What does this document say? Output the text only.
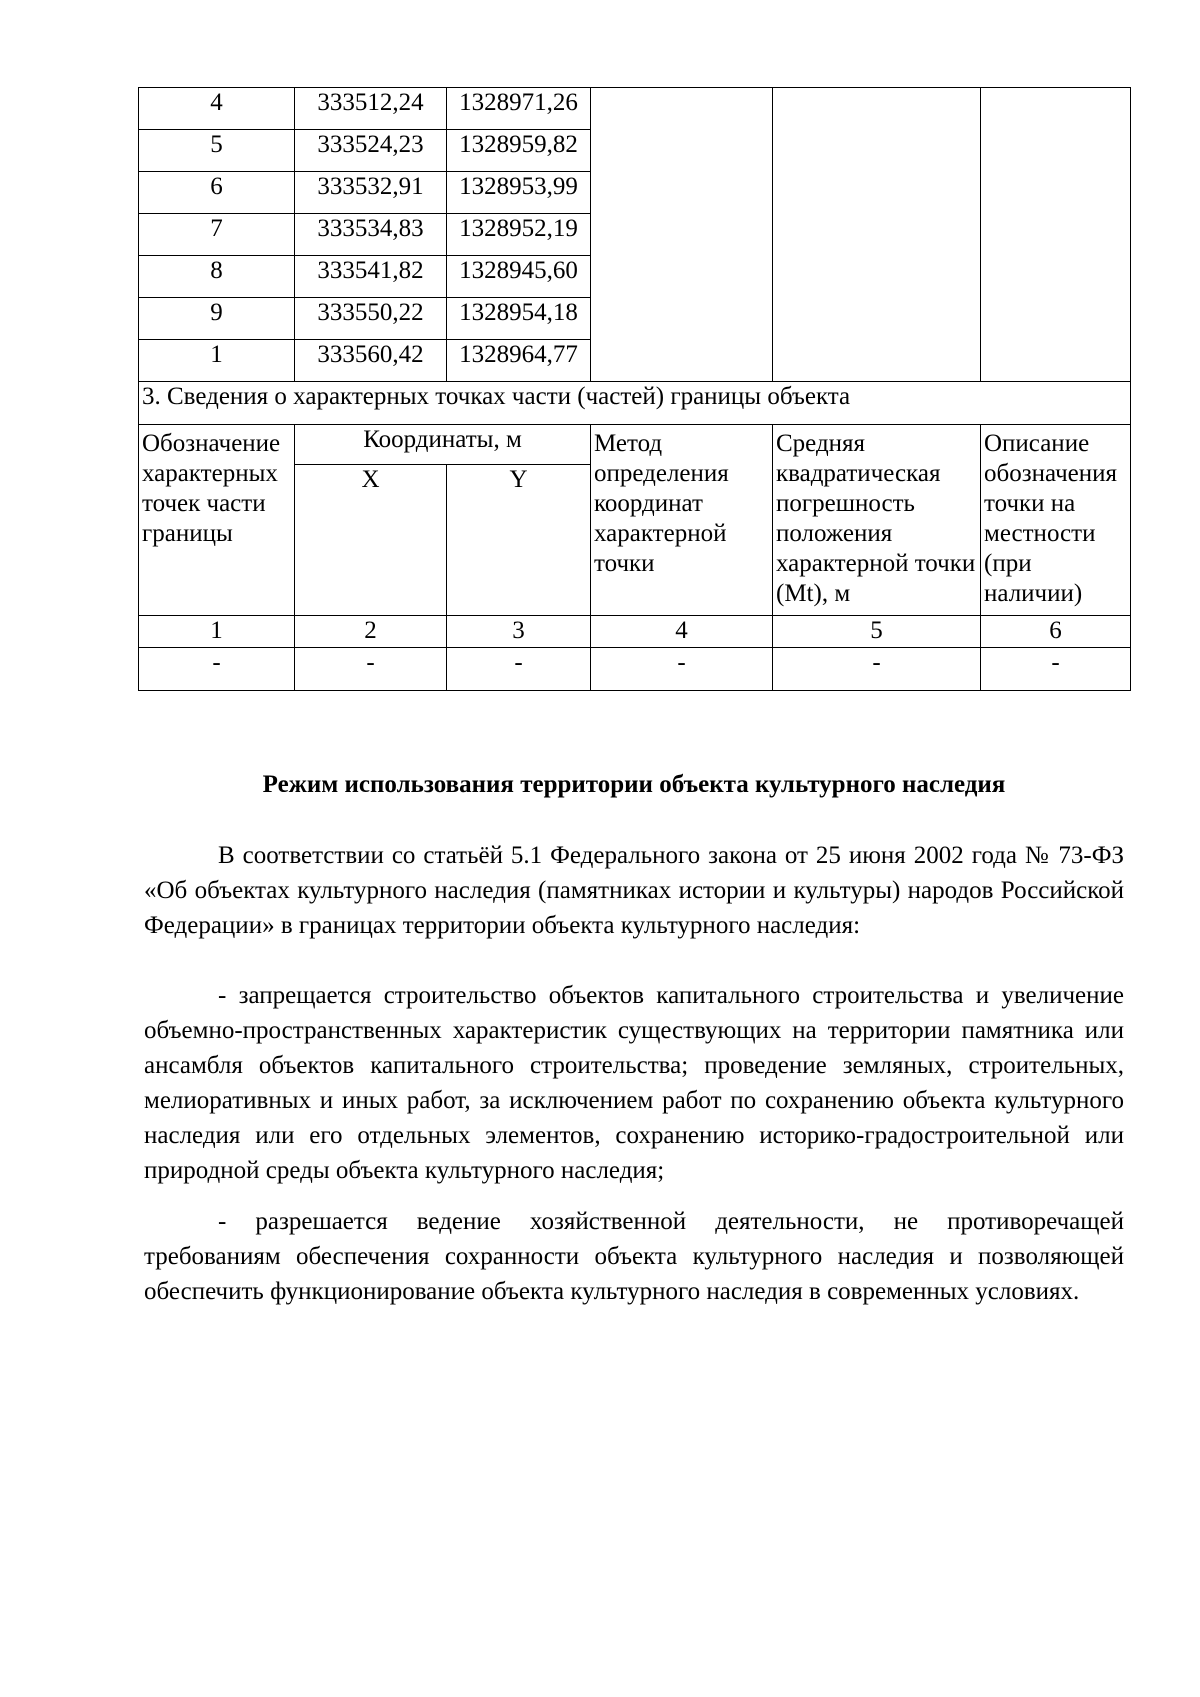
4	333512,24	1328971,26			
5	333524,23	1328959,82			
6	333532,91	1328953,99			
7	333534,83	1328952,19			
8	333541,82	1328945,60			
9	333550,22	1328954,18			
1	333560,42	1328964,77			
3. Сведения о характерных точках части (частей) границы объекта					
Обозначение характерных точек части границы	Координаты, м		Метод определения координат характерной точки	Средняя квадратическая погрешность положения характерной точки (Mt), м	Описание обозначения точки на местности (при наличии)
	X	Y			
1	2	3	4	5	6
-	-	-	-	-	-
Режим использования территории объекта культурного наследия
В соответствии со статьёй 5.1 Федерального закона от 25 июня 2002 года № 73-ФЗ «Об объектах культурного наследия (памятниках истории и культуры) народов Российской Федерации» в границах территории объекта культурного наследия:
- запрещается строительство объектов капитального строительства и увеличение объемно-пространственных характеристик существующих на территории памятника или ансамбля объектов капитального строительства; проведение земляных, строительных, мелиоративных и иных работ, за исключением работ по сохранению объекта культурного наследия или его отдельных элементов, сохранению историко-градостроительной или природной среды объекта культурного наследия;
- разрешается ведение хозяйственной деятельности, не противоречащей требованиям обеспечения сохранности объекта культурного наследия и позволяющей обеспечить функционирование объекта культурного наследия в современных условиях.
